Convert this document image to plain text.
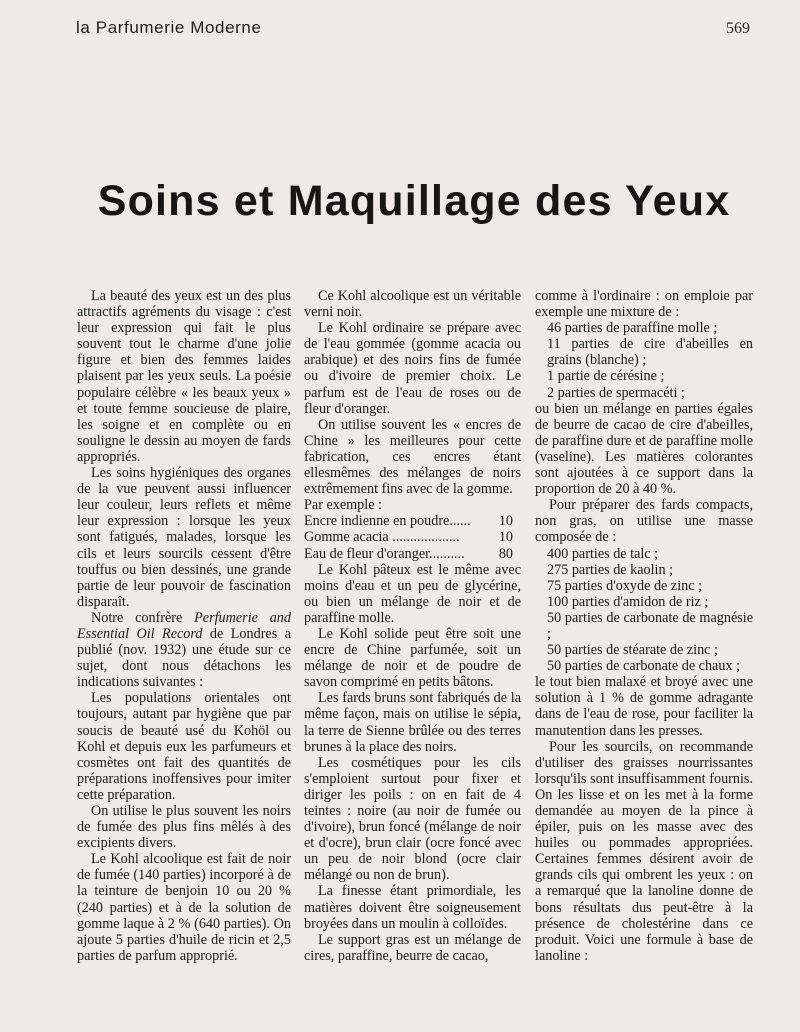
la Parfumerie Moderne	569
Soins et Maquillage des Yeux

La beauté des yeux est un des plus attractifs agréments du visage : c'est leur expression qui fait le plus souvent tout le charme d'une jolie figure et bien des femmes laides plaisent par les yeux seuls. La poésie populaire célèbre « les beaux yeux » et toute femme soucieuse de plaire, les soigne et en complète ou en souligne le dessin au moyen de fards appropriés.

Les soins hygiéniques des organes de la vue peuvent aussi influencer leur couleur, leurs reflets et même leur expression : lorsque les yeux sont fatigués, malades, lorsque les cils et leurs sourcils cessent d'être touffus ou bien dessinés, une grande partie de leur pouvoir de fascination disparaît.

Notre confrère Perfumerie and Essential Oil Record de Londres a publié (nov. 1932) une étude sur ce sujet, dont nous détachons les indications suivantes :

Les populations orientales ont toujours, autant par hygiène que par soucis de beauté usé du Kohöl ou Kohl et depuis eux les parfumeurs et cosmètes ont fait des quantités de préparations inoffensives pour imiter cette préparation.

On utilise le plus souvent les noirs de fumée des plus fins mêlés à des excipients divers.

Le Kohl alcoolique est fait de noir de fumée (140 parties) incorporé à de la teinture de benjoin 10 ou 20 % (240 parties) et à de la solution de gomme laque à 2 % (640 parties). On ajoute 5 parties d'huile de ricin et 2,5 parties de parfum approprié.

Ce Kohl alcoolique est un véritable verni noir.

Le Kohl ordinaire se prépare avec de l'eau gommée (gomme acacia ou arabique) et des noirs fins de fumée ou d'ivoire de premier choix. Le parfum est de l'eau de roses ou de fleur d'oranger.

On utilise souvent les « encres de Chine » les meilleures pour cette fabrication, ces encres étant ellesmêmes des mélanges de noirs extrêmement fins avec de la gomme.

Par exemple :

Encre indienne en poudre...... 10
Gomme acacia ...................	10
Eau de fleur d'oranger.......... 80

Le Kohl pâteux est le même avec moins d'eau et un peu de glycérine, ou bien un mélange de noir et de paraffine molle.

Le Kohl solide peut être soit une encre de Chine parfumée, soit un mélange de noir et de poudre de savon comprimé en petits bâtons.

Les fards bruns sont fabriqués de la même façon, mais on utilise le sépia, la terre de Sienne brûlée ou des terres brunes à la place des noirs.

Les cosmétiques pour les cils s'emploient surtout pour fixer et diriger les poils : on en fait de 4 teintes : noire (au noir de fumée ou d'ivoire), brun foncé (mélange de noir et d'ocre), brun clair (ocre foncé avec un peu de noir blond (ocre clair mélangé ou non de brun).

La finesse étant primordiale, les matières doivent être soigneusement broyées dans un moulin à colloïdes.

Le support gras est un mélange de cires, paraffine, beurre de cacao,

comme à l'ordinaire : on emploie par exemple une mixture de :

46 parties de paraffine molle ;

11 parties de cire d'abeilles en grains (blanche) ;

1 partie de cérésine ;

2 parties de spermacéti ;

ou bien un mélange en parties égales de beurre de cacao de cire d'abeilles, de paraffine dure et de paraffine molle (vaseline). Les matières colorantes sont ajoutées à ce support dans la proportion de 20 à 40 %.

Pour préparer des fards compacts, non gras, on utilise une masse composée de :

400 parties de talc ;

275 parties de kaolin ;

75 parties d'oxyde de zinc ;

100 parties d'amidon de riz ;

50 parties de carbonate de magnésie ;

50 parties de stéarate de zinc ;

50 parties de carbonate de chaux ;

le tout bien malaxé et broyé avec une solution à 1 % de gomme adragante dans de l'eau de rose, pour faciliter la manutention dans les presses.

Pour les sourcils, on recommande d'utiliser des graisses nourrissantes lorsqu'ils sont insuffisamment fournis. On les lisse et on les met à la forme demandée au moyen de la pince à épiler, puis on les masse avec des huiles ou pommades appropriées. Certaines femmes désirent avoir de grands cils qui ombrent les yeux : on a remarqué que la lanoline donne de bons résultats dus peut-être à la présence de cholestérine dans ce produit. Voici une formule à base de lanoline :
